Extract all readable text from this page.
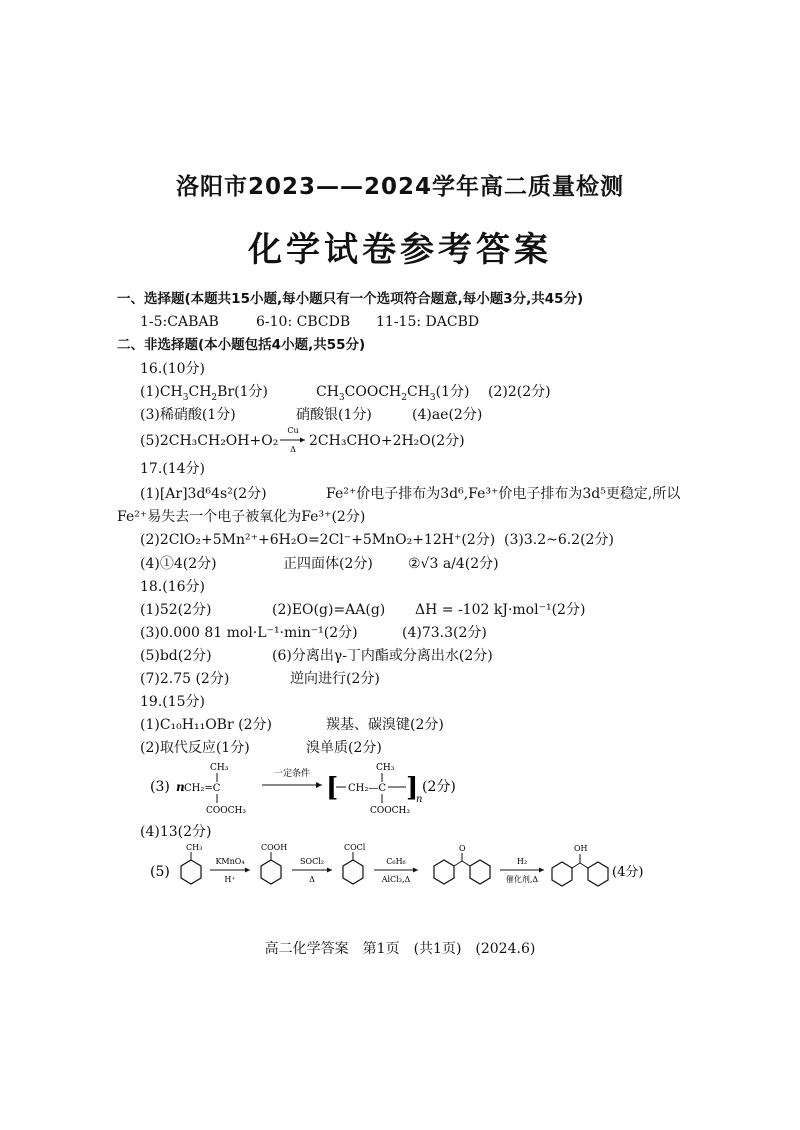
洛阳市2023——2024学年高二质量检测
化学试卷参考答案
一、选择题(本题共15小题,每小题只有一个选项符合题意,每小题3分,共45分)
1-5:CABAB	6-10: CBCDB 11-15: DACBD
二、非选择题(本小题包括4小题,共55分)
16.(10分)
$(1)CH_3CH_2Br(1$分)	$CH_3COOCH_2CH_3(1$分) (2)2(2分)
(3)稀硝酸(1分)	硝酸银(1分)	(4)ae(2分)
(5)2CH₃CH₂OH+O₂
Cu
Δ
2CH₃CHO+2H₂O(2分)
17.(14分)
(1)[Ar]3d⁶4s²(2分)	Fe²⁺价电子排布为3d⁶,Fe³⁺价电子排布为3d⁵更稳定,所以
Fe²⁺易失去一个电子被氧化为Fe³⁺(2分)
(2)2ClO₂+5Mn²⁺+6H₂O=2Cl⁻+5MnO₂+12H⁺(2分) (3)3.2~6.2(2分)
(4)①4(2分)	正四面体(2分)	②√3 a/4(2分)
18.(16分)
(1)52(2分)	(2)EO(g)=AA(g) ΔH = -102 kJ·mol⁻¹(2分)
(3)0.000 81 mol·L⁻¹·min⁻¹(2分)	(4)73.3(2分)
(5)bd(2分)	(6)分离出γ-丁内酯或分离出水(2分)
(7)2.75 (2分)	逆向进行(2分)
19.(15分)
(1)C₁₀H₁₁OBr (2分)	羰基、碳溴键(2分)
(2)取代反应(1分)	溴单质(2分)
(3) n CH₂=C
CH₃
COOCH₃
一定条件 [ CH₂—C
CH₃
COOCH₃
]
n
(2分)
(4)13(2分)
(5)
CH₃
KMnO₄
H⁺
COOH
SOCl₂
Δ
COCl
C₆H₆
AlCl₃,Δ
O
H₂
催化剂,Δ
OH
(4分)
高二化学答案　第1页　(共1页)　(2024.6)
